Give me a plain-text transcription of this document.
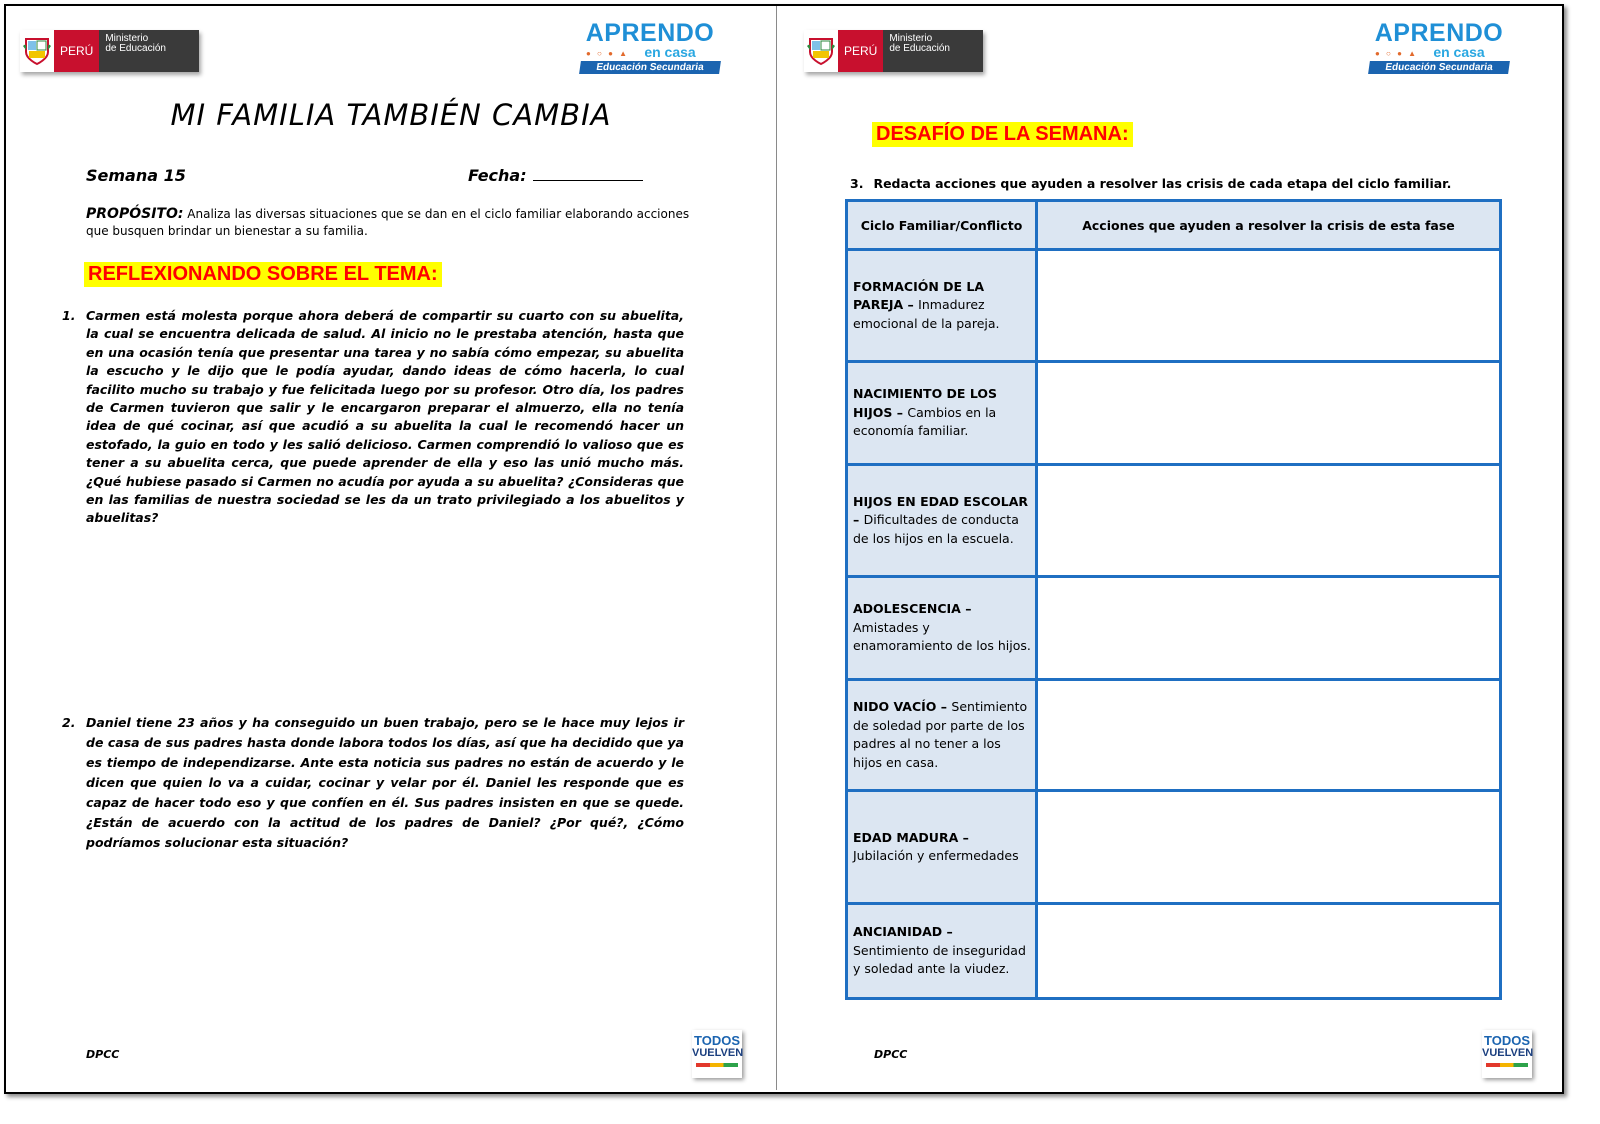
PERÚ
Ministerio
de Educación
APRENDO
● ○ ● ▲ en casa
Educación Secundaria
MI FAMILIA TAMBIÉN CAMBIA
Semana 15	Fecha:
PROPÓSITO: Analiza las diversas situaciones que se dan en el ciclo familiar elaborando acciones que busquen brindar un bienestar a su familia.
REFLEXIONANDO SOBRE EL TEMA:
1. Carmen está molesta porque ahora deberá de compartir su cuarto con su abuelita, la cual se encuentra delicada de salud. Al inicio no le prestaba atención, hasta que en una ocasión tenía que presentar una tarea y no sabía cómo empezar, su abuelita la escucho y le dijo que le podía ayudar, dando ideas de cómo hacerla, lo cual facilito mucho su trabajo y fue felicitada luego por su profesor. Otro día, los padres de Carmen tuvieron que salir y le encargaron preparar el almuerzo, ella no tenía idea de qué cocinar, así que acudió a su abuelita la cual le recomendó hacer un estofado, la guio en todo y les salió delicioso. Carmen comprendió lo valioso que es tener a su abuelita cerca, que puede aprender de ella y eso las unió mucho más. ¿Qué hubiese pasado si Carmen no acudía por ayuda a su abuelita? ¿Consideras que en las familias de nuestra sociedad se les da un trato privilegiado a los abuelitos y abuelitas?
2. Daniel tiene 23 años y ha conseguido un buen trabajo, pero se le hace muy lejos ir de casa de sus padres hasta donde labora todos los días, así que ha decidido que ya es tiempo de independizarse. Ante esta noticia sus padres no están de acuerdo y le dicen que quien lo va a cuidar, cocinar y velar por él. Daniel les responde que es capaz de hacer todo eso y que confíen en él. Sus padres insisten en que se quede. ¿Están de acuerdo con la actitud de los padres de Daniel? ¿Por qué?, ¿Cómo podríamos solucionar esta situación?
DPCC
TODOS
VUELVEN
PERÚ
Ministerio
de Educación
APRENDO
● ○ ● ▲ en casa
Educación Secundaria
DESAFÍO DE LA SEMANA:
3. Redacta acciones que ayuden a resolver las crisis de cada etapa del ciclo familiar.
Ciclo Familiar/Conflicto	Acciones que ayuden a resolver la crisis de esta fase
FORMACIÓN DE LA PAREJA – Inmadurez emocional de la pareja.	
NACIMIENTO DE LOS HIJOS – Cambios en la economía familiar.	
HIJOS EN EDAD ESCOLAR – Dificultades de conducta de los hijos en la escuela.	
ADOLESCENCIA – Amistades y enamoramiento de los hijos.	
NIDO VACÍO – Sentimiento de soledad por parte de los padres al no tener a los hijos en casa.	
EDAD MADURA – Jubilación y enfermedades	
ANCIANIDAD – Sentimiento de inseguridad y soledad ante la viudez.	
DPCC
TODOS
VUELVEN
